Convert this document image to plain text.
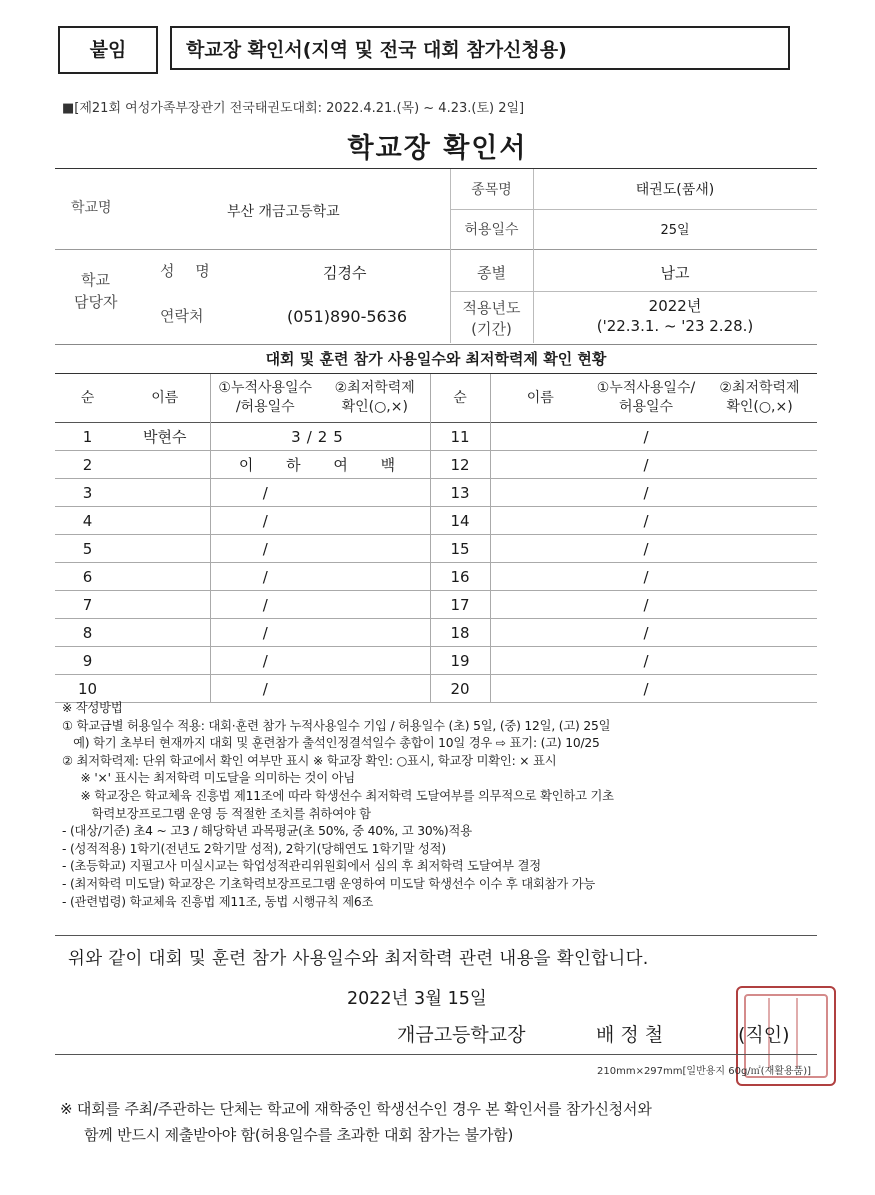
붙임	학교장 확인서(지역 및 전국 대회 참가신청용)
■[제21회 여성가족부장관기 전국태권도대회: 2022.4.21.(목) ~ 4.23.(토) 2일]
학교장 확인서
학교명	부산 개금고등학교
종목명	태권도(품새)
허용일수	25일
학교
담당자
성 명	김경수	종별	남고
연락처	(051)890-5636	적용년도
(기간)
2022년
('22.3.1. ~ '23 2.28.)
대회 및 훈련 참가 사용일수와 최저학력제 확인 현황
순	이름	①누적사용일수
/허용일수	②최저학력제
확인(○,×)	순	이름	①누적사용일수/
허용일수	②최저학력제
확인(○,×)
1	박현수	3/25		11		/	
2		이 하 여 백		12		/	
3		/		13		/	
4		/		14		/	
5		/		15		/	
6		/		16		/	
7		/		17		/	
8		/		18		/	
9		/		19		/	
10		/		20		/	
※ 작성방법
① 학교급별 허용일수 적용: 대회·훈련 참가 누적사용일수 기입 / 허용일수 (초) 5일, (중) 12일, (고) 25일
예) 학기 초부터 현재까지 대회 및 훈련참가 출석인정결석일수 총합이 10일 경우 ⇨ 표기: (고) 10/25
② 최저학력제: 단위 학교에서 확인 여부만 표시 ※ 학교장 확인: ○표시, 학교장 미확인: × 표시
※ '×' 표시는 최저학력 미도달을 의미하는 것이 아님
※ 학교장은 학교체육 진흥법 제11조에 따라 학생선수 최저학력 도달여부를 의무적으로 확인하고 기초
학력보장프로그램 운영 등 적절한 조치를 취하여야 함
- (대상/기준) 초4 ~ 고3 / 해당학년 과목평균(초 50%, 중 40%, 고 30%)적용
- (성적적용) 1학기(전년도 2학기말 성적), 2학기(당해연도 1학기말 성적)
- (초등학교) 지필고사 미실시교는 학업성적관리위원회에서 심의 후 최저학력 도달여부 결정
- (최저학력 미도달) 학교장은 기초학력보장프로그램 운영하여 미도달 학생선수 이수 후 대회참가 가능
- (관련법령) 학교체육 진흥법 제11조, 동법 시행규칙 제6조
위와 같이 대회 및 훈련 참가 사용일수와 최저학력 관련 내용을 확인합니다.
2022년 3월 15일
개금고등학교장	배 정 철	(직인)
210mm×297mm[일반용지 60g/㎡(재활용품)]
※ 대회를 주최/주관하는 단체는 학교에 재학중인 학생선수인 경우 본 확인서를 참가신청서와
함께 반드시 제출받아야 함(허용일수를 초과한 대회 참가는 불가함)
